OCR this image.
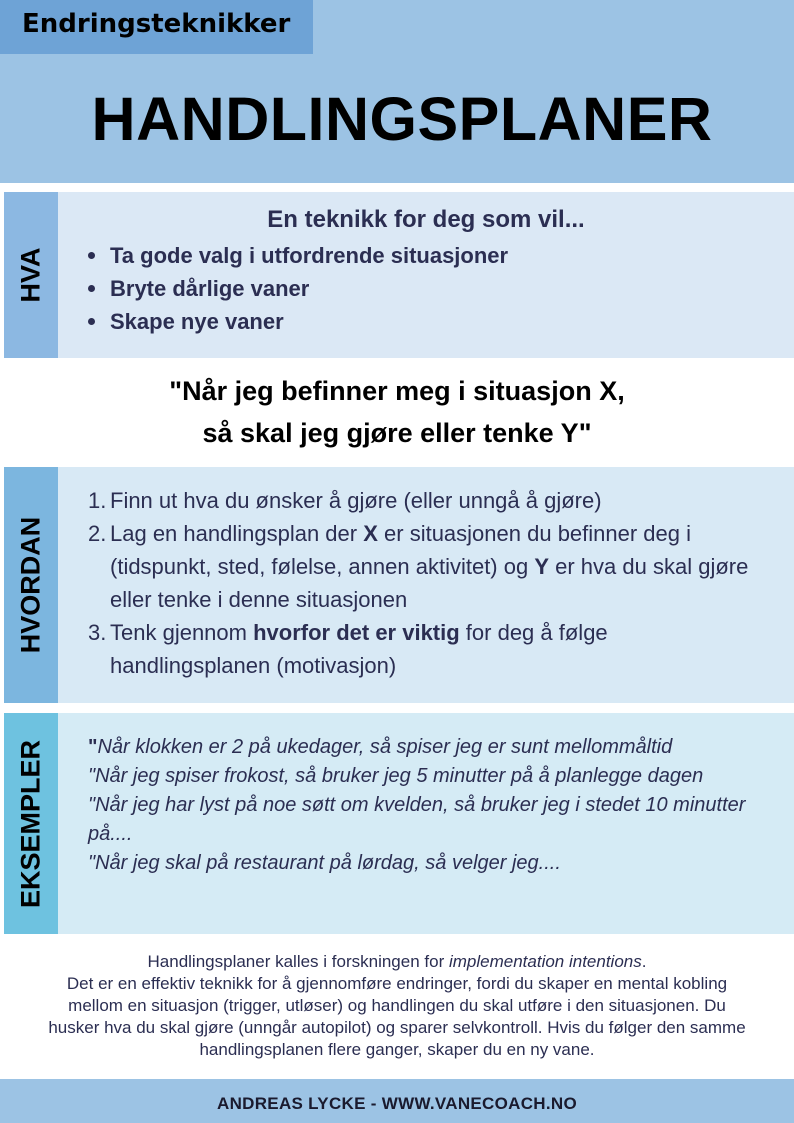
Endringsteknikker
HANDLINGSPLANER
HVA
En teknikk for deg som vil...
Ta gode valg i utfordrende situasjoner
Bryte dårlige vaner
Skape nye vaner
"Når jeg befinner meg i situasjon X,
så skal jeg gjøre eller tenke Y"
HVORDAN
1. Finn ut hva du ønsker å gjøre (eller unngå å gjøre)
2. Lag en handlingsplan der X er situasjonen du befinner deg i (tidspunkt, sted, følelse, annen aktivitet) og Y er hva du skal gjøre eller tenke i denne situasjonen
3. Tenk gjennom hvorfor det er viktig for deg å følge handlingsplanen (motivasjon)
EKSEMPLER "Når klokken er 2 på ukedager, så spiser jeg er sunt mellommåltid

"Når jeg spiser frokost, så bruker jeg 5 minutter på å planlegge dagen

"Når jeg har lyst på noe søtt om kvelden, så bruker jeg i stedet 10 minutter på....

"Når jeg skal på restaurant på lørdag, så velger jeg....

Handlingsplaner kalles i forskningen for implementation intentions.
Det er en effektiv teknikk for å gjennomføre endringer, fordi du skaper en mental kobling
mellom en situasjon (trigger, utløser) og handlingen du skal utføre i den situasjonen. Du
husker hva du skal gjøre (unngår autopilot) og sparer selvkontroll. Hvis du følger den samme
handlingsplanen flere ganger, skaper du en ny vane.
ANDREAS LYCKE - WWW.VANECOACH.NO
